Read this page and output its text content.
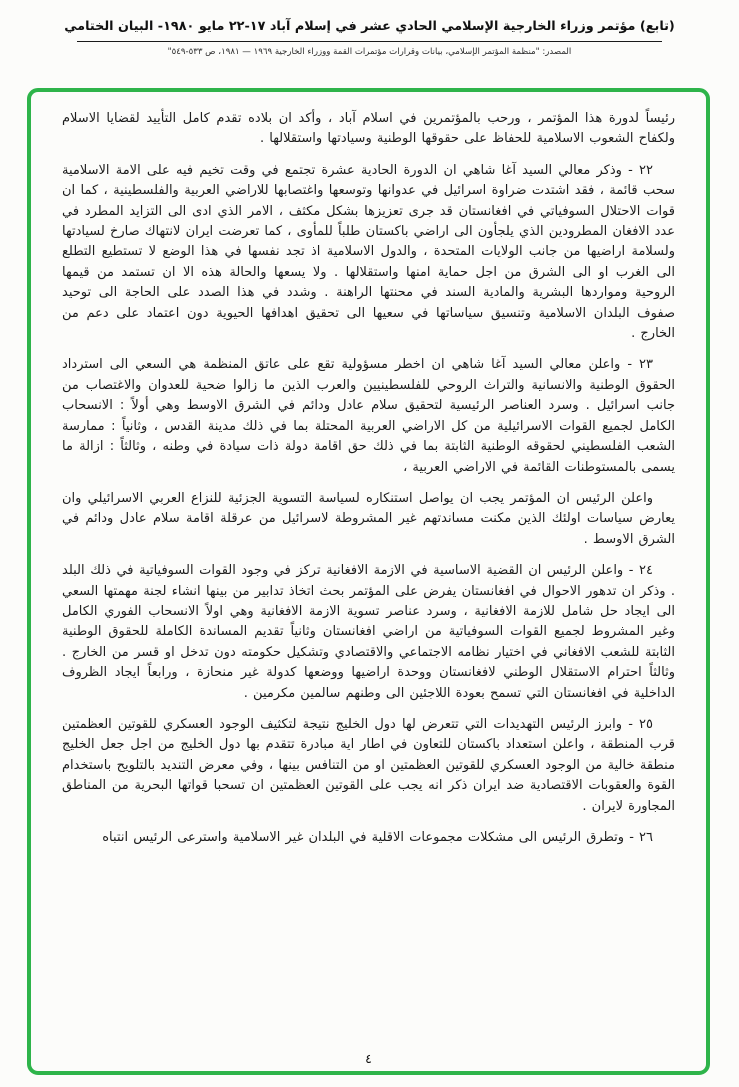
(تابع) مؤتمر وزراء الخارجية الإسلامي الحادي عشر في إسلام آباد ١٧-٢٢ مايو ١٩٨٠- البيان الختامي
المصدر: "منظمة المؤتمر الإسلامي، بيانات وقرارات مؤتمرات القمة ووزراء الخارجية ١٩٦٩ — ١٩٨١، ص ٥٣٣-٥٤٩"

رئيساً لدورة هذا المؤتمر ، ورحب بالمؤتمرين في اسلام آباد ، وأكد ان بلاده تقدم كامل التأييد لقضايا الاسلام ولكفاح الشعوب الاسلامية للحفاظ على حقوقها الوطنية وسيادتها واستقلالها .

٢٢ - وذكر معالي السيد آغا شاهي ان الدورة الحادية عشرة تجتمع في وقت تخيم فيه على الامة الاسلامية سحب قائمة ، فقد اشتدت ضراوة اسرائيل في عدوانها وتوسعها واغتصابها للاراضي العربية والفلسطينية ، كما ان قوات الاحتلال السوفياتي في افغانستان قد جرى تعزيزها بشكل مكثف ، الامر الذي ادى الى التزايد المطرد في عدد الافغان المطرودين الذي يلجأون الى اراضي باكستان طلباً للمأوى ، كما تعرضت ايران لانتهاك صارخ لسيادتها ولسلامة اراضيها من جانب الولايات المتحدة ، والدول الاسلامية اذ تجد نفسها في هذا الوضع لا تستطيع التطلع الى الغرب او الى الشرق من اجل حماية امنها واستقلالها . ولا يسعها والحالة هذه الا ان تستمد من قيمها الروحية ومواردها البشرية والمادية السند في محنتها الراهنة . وشدد في هذا الصدد على الحاجة الى توحيد صفوف البلدان الاسلامية وتنسيق سياساتها في سعيها الى تحقيق اهدافها الحيوية دون اعتماد على دعم من الخارج .

٢٣ - واعلن معالي السيد آغا شاهي ان اخطر مسؤولية تقع على عاتق المنظمة هي السعي الى استرداد الحقوق الوطنية والانسانية والتراث الروحي للفلسطينيين والعرب الذين ما زالوا ضحية للعدوان والاغتصاب من جانب اسرائيل . وسرد العناصر الرئيسية لتحقيق سلام عادل ودائم في الشرق الاوسط وهي أولاً : الانسحاب الكامل لجميع القوات الاسرائيلية من كل الاراضي العربية المحتلة بما في ذلك مدينة القدس ، وثانياً : ممارسة الشعب الفلسطيني لحقوقه الوطنية الثابتة بما في ذلك حق اقامة دولة ذات سيادة في وطنه ، وثالثاً : ازالة ما يسمى بالمستوطنات القائمة في الاراضي العربية ،

واعلن الرئيس ان المؤتمر يجب ان يواصل استنكاره لسياسة التسوية الجزئية للنزاع العربي الاسرائيلي وان يعارض سياسات اولئك الذين مكنت مساندتهم غير المشروطة لاسرائيل من عرقلة اقامة سلام عادل ودائم في الشرق الاوسط .

٢٤ - واعلن الرئيس ان القضية الاساسية في الازمة الافغانية تركز في وجود القوات السوفياتية في ذلك البلد . وذكر ان تدهور الاحوال في افغانستان يفرض على المؤتمر بحث اتخاذ تدابير من بينها انشاء لجنة مهمتها السعي الى ايجاد حل شامل للازمة الافغانية ، وسرد عناصر تسوية الازمة الافغانية وهي اولاً الانسحاب الفوري الكامل وغير المشروط لجميع القوات السوفياتية من اراضي افغانستان وثانياً تقديم المساندة الكاملة للحقوق الوطنية الثابتة للشعب الافغاني في اختيار نظامه الاجتماعي والاقتصادي وتشكيل حكومته دون تدخل او قسر من الخارج . وثالثاً احترام الاستقلال الوطني لافغانستان ووحدة اراضيها ووضعها كدولة غير منحازة ، ورابعاً ايجاد الظروف الداخلية في افغانستان التي تسمح بعودة اللاجئين الى وطنهم سالمين مكرمين .

٢٥ - وابرز الرئيس التهديدات التي تتعرض لها دول الخليج نتيجة لتكثيف الوجود العسكري للقوتين العظمتين قرب المنطقة ، واعلن استعداد باكستان للتعاون في اطار اية مبادرة تتقدم بها دول الخليج من اجل جعل الخليج منطقة خالية من الوجود العسكري للقوتين العظمتين او من التنافس بينها ، وفي معرض التنديد بالتلويح باستخدام القوة والعقوبات الاقتصادية ضد ايران ذكر انه يجب على القوتين العظمتين ان تسحبا قواتها البحرية من المناطق المجاورة لايران .

٢٦ - وتطرق الرئيس الى مشكلات مجموعات الاقلية في البلدان غير الاسلامية واسترعى الرئيس انتباه

٤
